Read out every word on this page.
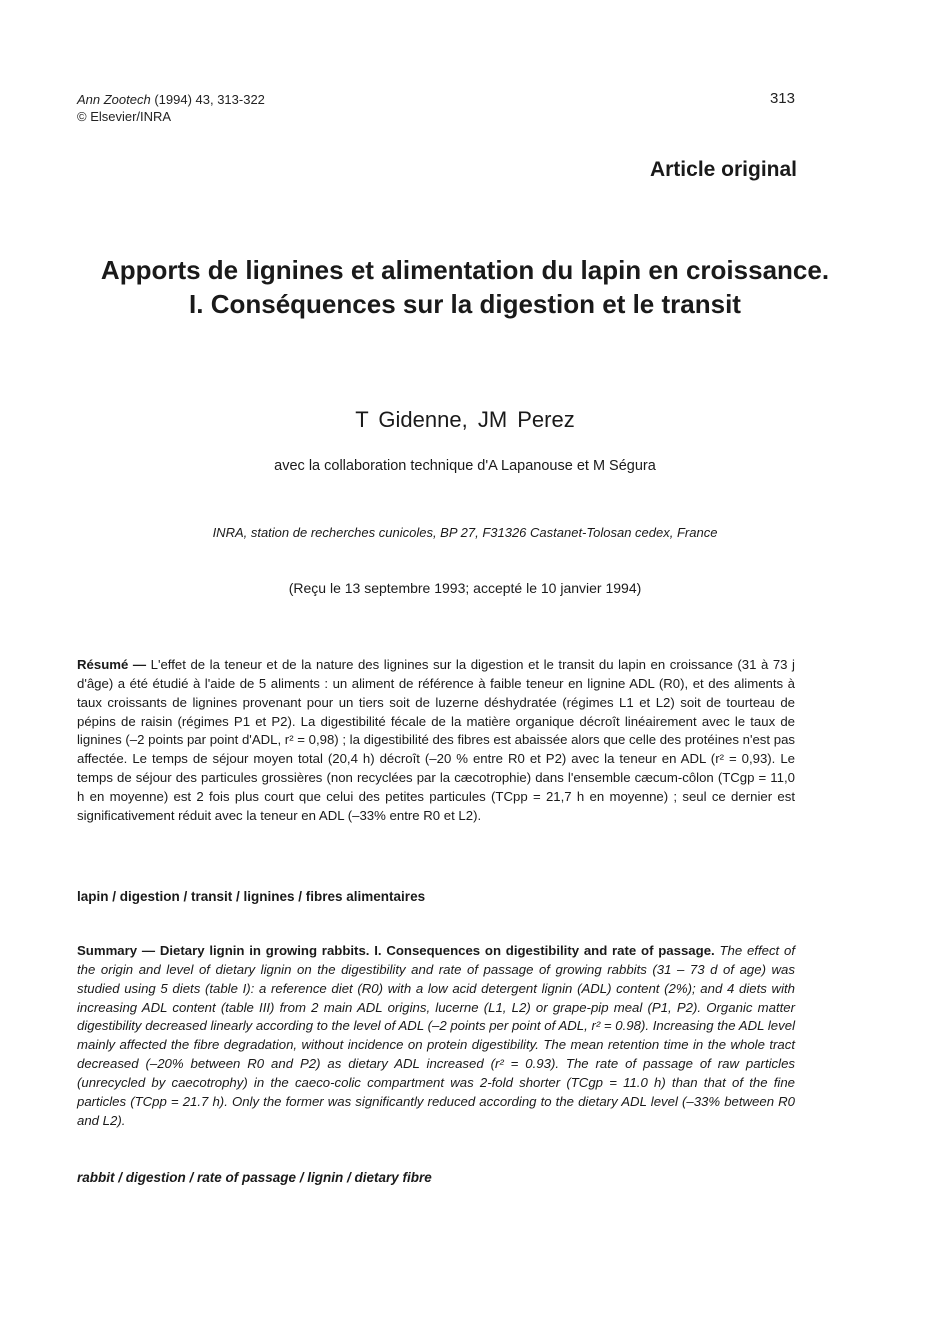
Ann Zootech (1994) 43, 313-322
© Elsevier/INRA
313
Article original
Apports de lignines et alimentation du lapin en croissance. I. Conséquences sur la digestion et le transit
T Gidenne, JM Perez
avec la collaboration technique d'A Lapanouse et M Ségura
INRA, station de recherches cunicoles, BP 27, F31326 Castanet-Tolosan cedex, France
(Reçu le 13 septembre 1993; accepté le 10 janvier 1994)

Résumé — L'effet de la teneur et de la nature des lignines sur la digestion et le transit du lapin en croissance (31 à 73 j d'âge) a été étudié à l'aide de 5 aliments : un aliment de référence à faible teneur en lignine ADL (R0), et des aliments à taux croissants de lignines provenant pour un tiers soit de luzerne déshydratée (régimes L1 et L2) soit de tourteau de pépins de raisin (régimes P1 et P2). La digestibilité fécale de la matière organique décroît linéairement avec le taux de lignines (–2 points par point d'ADL, r² = 0,98) ; la digestibilité des fibres est abaissée alors que celle des protéines n'est pas affectée. Le temps de séjour moyen total (20,4 h) décroît (–20 % entre R0 et P2) avec la teneur en ADL (r² = 0,93). Le temps de séjour des particules grossières (non recyclées par la cæcotrophie) dans l'ensemble cæcum-côlon (TCgp = 11,0 h en moyenne) est 2 fois plus court que celui des petites particules (TCpp = 21,7 h en moyenne) ; seul ce dernier est significativement réduit avec la teneur en ADL (–33% entre R0 et L2).

lapin / digestion / transit / lignines / fibres alimentaires

Summary — Dietary lignin in growing rabbits. I. Consequences on digestibility and rate of passage. The effect of the origin and level of dietary lignin on the digestibility and rate of passage of growing rabbits (31 – 73 d of age) was studied using 5 diets (table I): a reference diet (R0) with a low acid detergent lignin (ADL) content (2%); and 4 diets with increasing ADL content (table III) from 2 main ADL origins, lucerne (L1, L2) or grape-pip meal (P1, P2). Organic matter digestibility decreased linearly according to the level of ADL (–2 points per point of ADL, r² = 0.98). Increasing the ADL level mainly affected the fibre degradation, without incidence on protein digestibility. The mean retention time in the whole tract decreased (–20% between R0 and P2) as dietary ADL increased (r² = 0.93). The rate of passage of raw particles (unrecycled by caecotrophy) in the caeco-colic compartment was 2-fold shorter (TCgp = 11.0 h) than that of the fine particles (TCpp = 21.7 h). Only the former was significantly reduced according to the dietary ADL level (–33% between R0 and L2).

rabbit / digestion / rate of passage / lignin / dietary fibre
